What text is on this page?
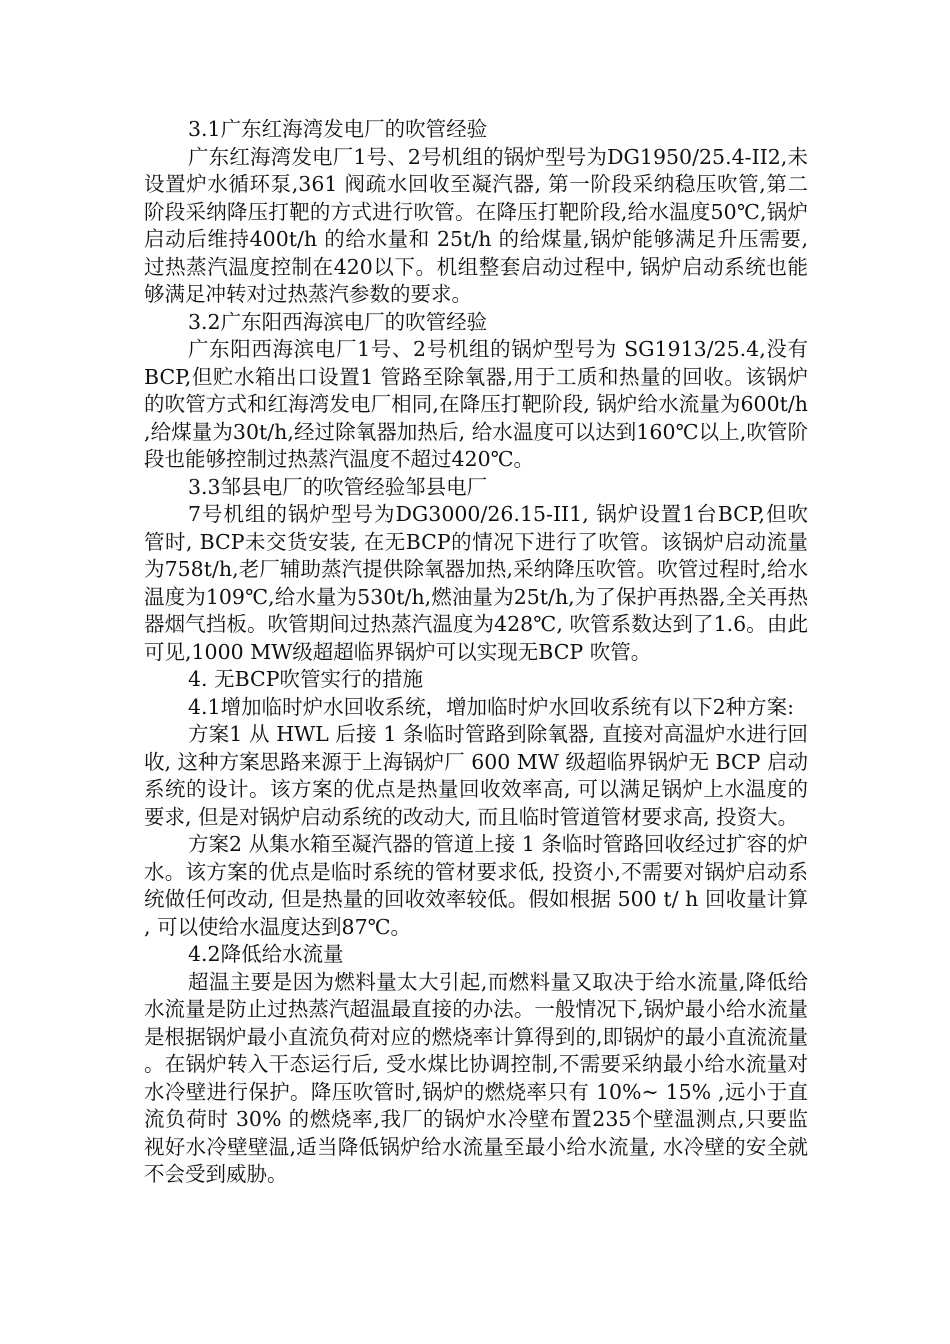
3.1广东红海湾发电厂的吹管经验

广东红海湾发电厂1号、2号机组的锅炉型号为DG1950/25.4-II2,未设置炉水循环泵,361 阀疏水回收至凝汽器, 第一阶段采纳稳压吹管,第二阶段采纳降压打靶的方式进行吹管。在降压打靶阶段,给水温度50℃,锅炉启动后维持400t/h 的给水量和 25t/h 的给煤量,锅炉能够满足升压需要,过热蒸汽温度控制在420以下。机组整套启动过程中, 锅炉启动系统也能够满足冲转对过热蒸汽参数的要求。

3.2广东阳西海滨电厂的吹管经验

广东阳西海滨电厂1号、2号机组的锅炉型号为 SG1913/25.4,没有BCP,但贮水箱出口设置1 管路至除氧器,用于工质和热量的回收。该锅炉的吹管方式和红海湾发电厂相同,在降压打靶阶段, 锅炉给水流量为600t/h,给煤量为30t/h,经过除氧器加热后, 给水温度可以达到160℃以上,吹管阶段也能够控制过热蒸汽温度不超过420℃。

3.3邹县电厂的吹管经验邹县电厂

7号机组的锅炉型号为DG3000/26.15-II1, 锅炉设置1台BCP,但吹管时, BCP未交货安装, 在无BCP的情况下进行了吹管。该锅炉启动流量为758t/h,老厂辅助蒸汽提供除氧器加热,采纳降压吹管。吹管过程时,给水温度为109℃,给水量为530t/h,燃油量为25t/h,为了保护再热器,全关再热器烟气挡板。吹管期间过热蒸汽温度为428℃, 吹管系数达到了1.6。由此可见,1000 MW级超超临界锅炉可以实现无BCP 吹管。

4. 无BCP吹管实行的措施

4.1增加临时炉水回收系统，增加临时炉水回收系统有以下2种方案:

方案1 从 HWL 后接 1 条临时管路到除氧器, 直接对高温炉水进行回收, 这种方案思路来源于上海锅炉厂 600 MW 级超临界锅炉无 BCP 启动系统的设计。该方案的优点是热量回收效率高, 可以满足锅炉上水温度的要求, 但是对锅炉启动系统的改动大, 而且临时管道管材要求高, 投资大。

方案2 从集水箱至凝汽器的管道上接 1 条临时管路回收经过扩容的炉水。该方案的优点是临时系统的管材要求低, 投资小,不需要对锅炉启动系统做任何改动, 但是热量的回收效率较低。假如根据 500 t/ h 回收量计算, 可以使给水温度达到87℃。

4.2降低给水流量

超温主要是因为燃料量太大引起,而燃料量又取决于给水流量,降低给水流量是防止过热蒸汽超温最直接的办法。一般情况下,锅炉最小给水流量是根据锅炉最小直流负荷对应的燃烧率计算得到的,即锅炉的最小直流流量。在锅炉转入干态运行后, 受水煤比协调控制,不需要采纳最小给水流量对水冷壁进行保护。降压吹管时,锅炉的燃烧率只有 10%~ 15% ,远小于直流负荷时 30% 的燃烧率,我厂的锅炉水冷壁布置235个壁温测点,只要监视好水冷壁壁温,适当降低锅炉给水流量至最小给水流量, 水冷壁的安全就不会受到威胁。
